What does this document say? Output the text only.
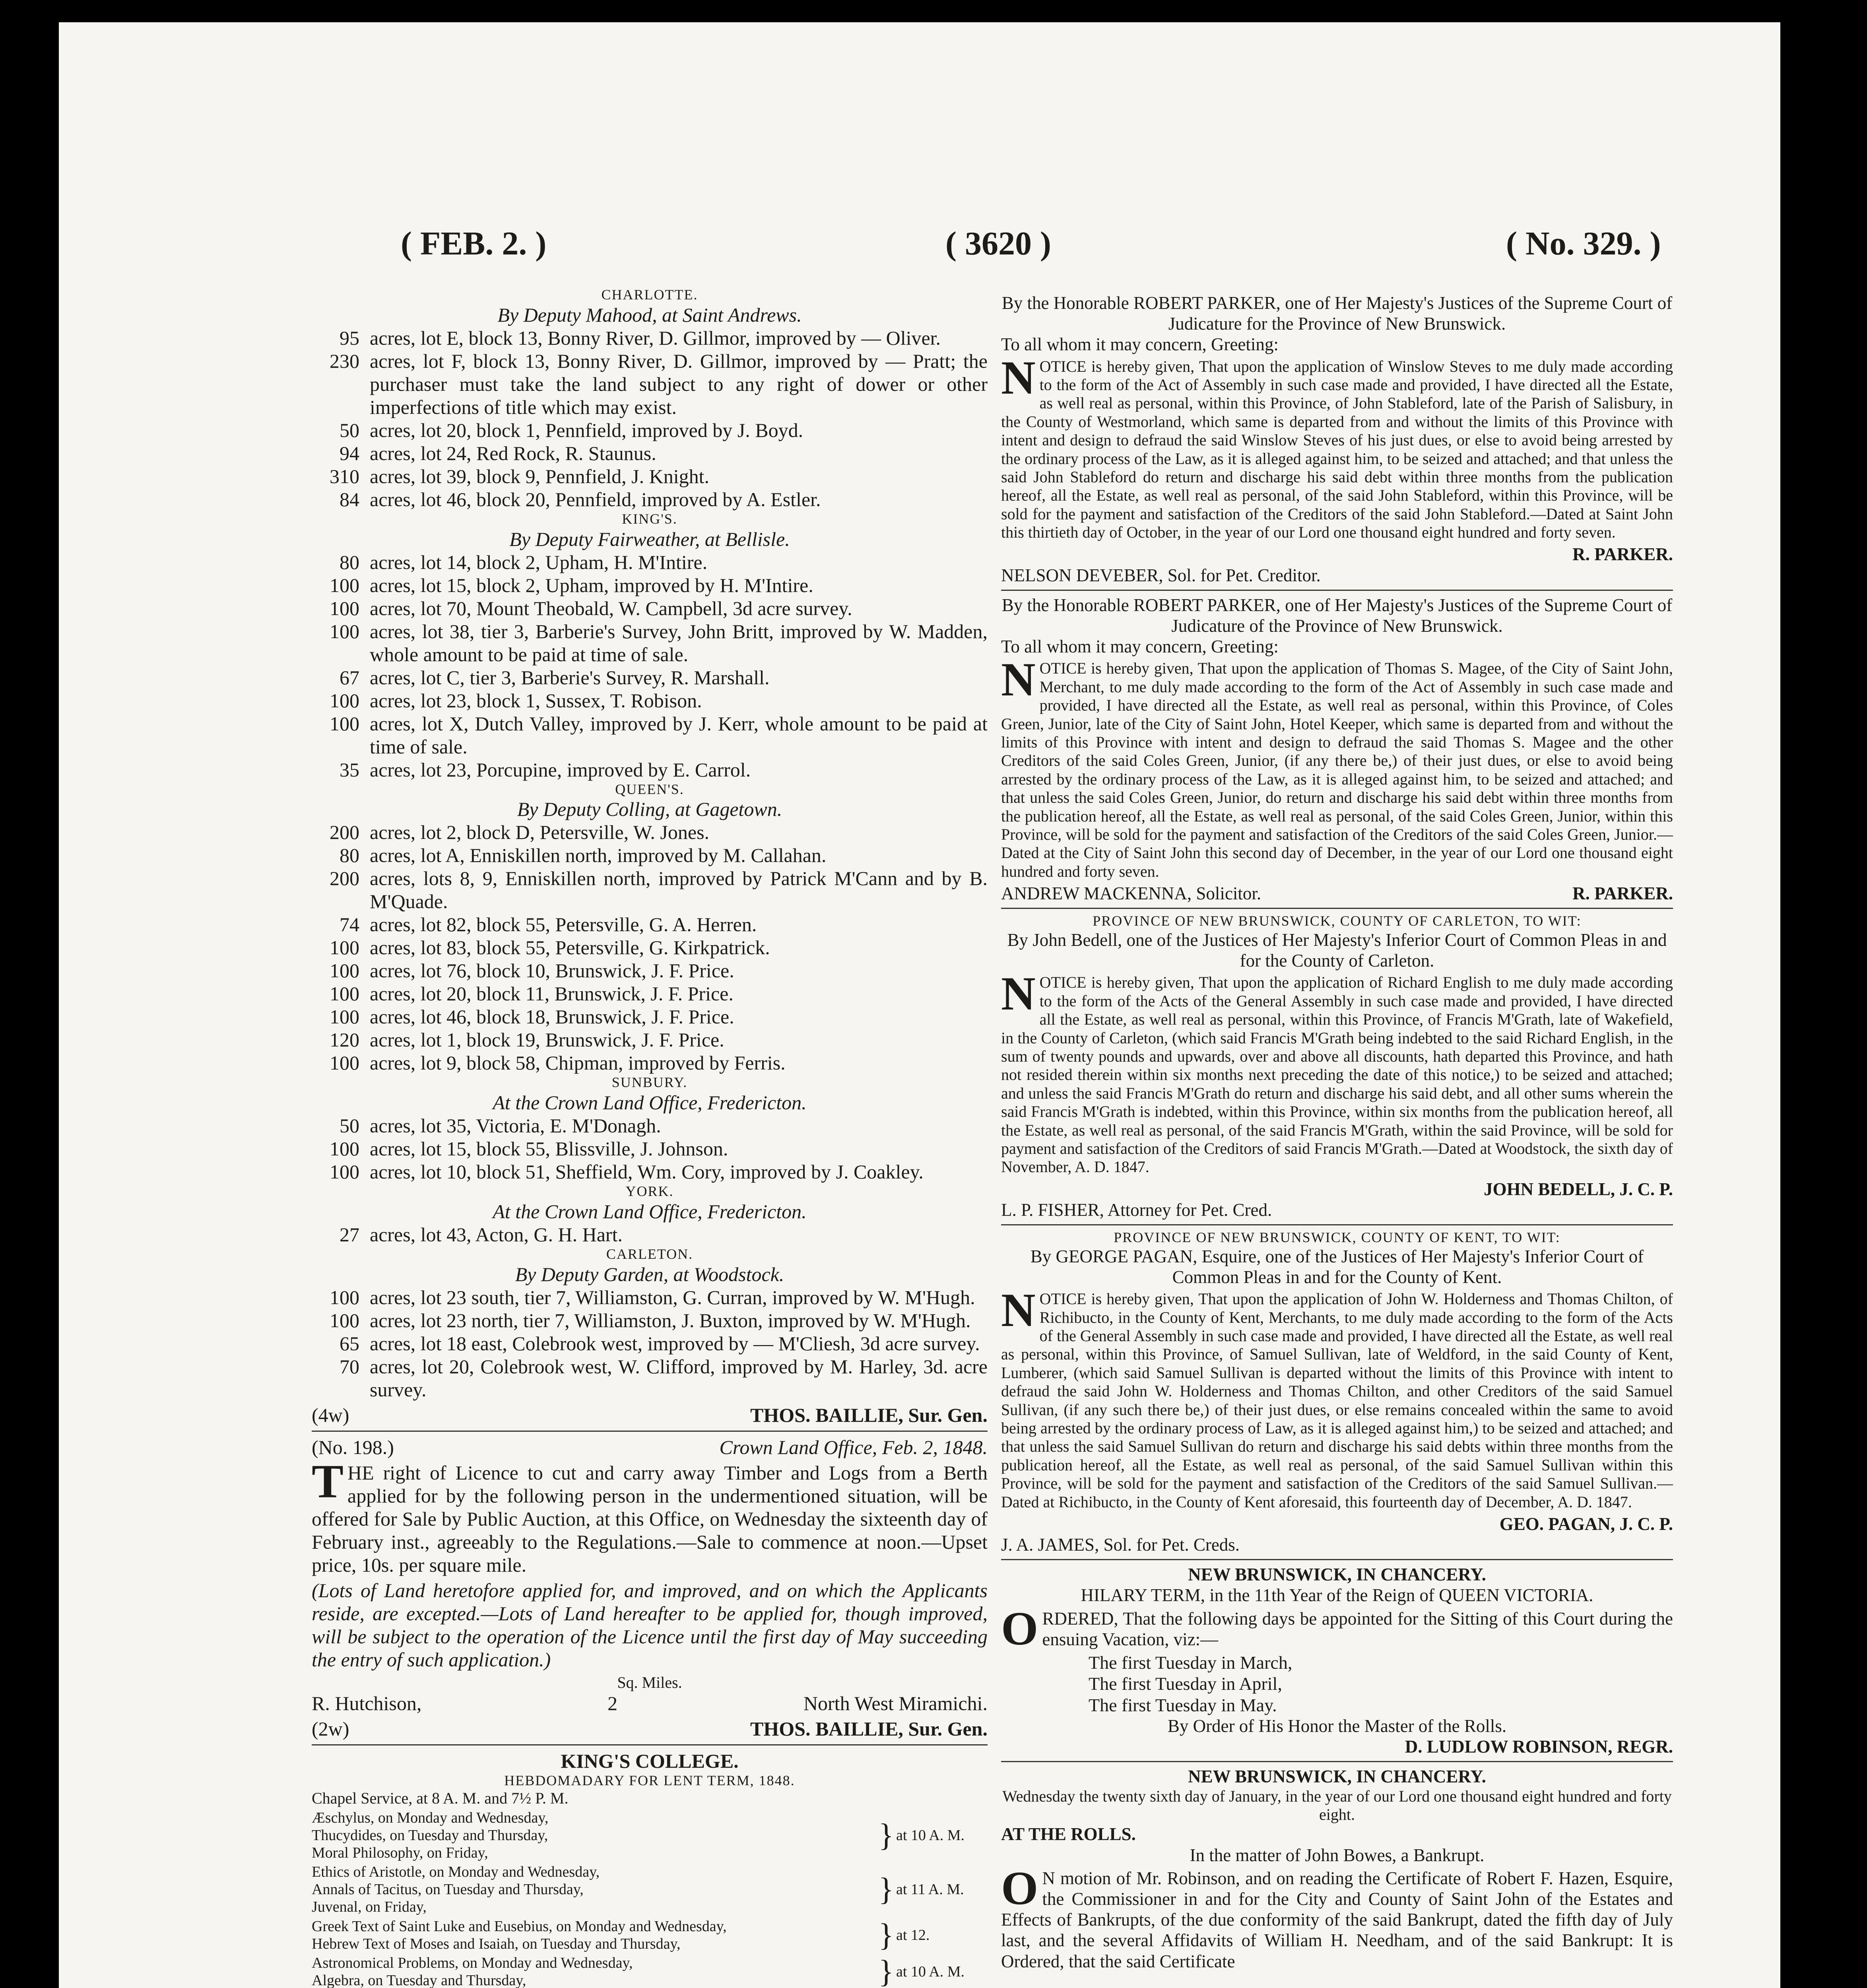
( FEB. 2. )	( 3620 )	( No. 329. )
CHARLOTTE.
By Deputy Mahood, at Saint Andrews.
95 acres, lot E, block 13, Bonny River, D. Gillmor, improved by — Oliver.
230 acres, lot F, block 13, Bonny River, D. Gillmor, improved by — Pratt; the purchaser must take the land subject to any right of dower or other imperfections of title which may exist.
50 acres, lot 20, block 1, Pennfield, improved by J. Boyd.
94 acres, lot 24, Red Rock, R. Staunus.
310 acres, lot 39, block 9, Pennfield, J. Knight.
84 acres, lot 46, block 20, Pennfield, improved by A. Estler.
KING'S.
By Deputy Fairweather, at Bellisle.
80 acres, lot 14, block 2, Upham, H. M'Intire.
100 acres, lot 15, block 2, Upham, improved by H. M'Intire.
100 acres, lot 70, Mount Theobald, W. Campbell, 3d acre survey.
100 acres, lot 38, tier 3, Barberie's Survey, John Britt, improved by W. Madden, whole amount to be paid at time of sale.
67 acres, lot C, tier 3, Barberie's Survey, R. Marshall.
100 acres, lot 23, block 1, Sussex, T. Robison.
100 acres, lot X, Dutch Valley, improved by J. Kerr, whole amount to be paid at time of sale.
35 acres, lot 23, Porcupine, improved by E. Carrol.
QUEEN'S.
By Deputy Colling, at Gagetown.
200 acres, lot 2, block D, Petersville, W. Jones.
80 acres, lot A, Enniskillen north, improved by M. Callahan.
200 acres, lots 8, 9, Enniskillen north, improved by Patrick M'Cann and by B. M'Quade.
74 acres, lot 82, block 55, Petersville, G. A. Herren.
100 acres, lot 83, block 55, Petersville, G. Kirkpatrick.
100 acres, lot 76, block 10, Brunswick, J. F. Price.
100 acres, lot 20, block 11, Brunswick, J. F. Price.
100 acres, lot 46, block 18, Brunswick, J. F. Price.
120 acres, lot 1, block 19, Brunswick, J. F. Price.
100 acres, lot 9, block 58, Chipman, improved by Ferris.
SUNBURY.
At the Crown Land Office, Fredericton.
50 acres, lot 35, Victoria, E. M'Donagh.
100 acres, lot 15, block 55, Blissville, J. Johnson.
100 acres, lot 10, block 51, Sheffield, Wm. Cory, improved by J. Coakley.
YORK.
At the Crown Land Office, Fredericton.
27 acres, lot 43, Acton, G. H. Hart.
CARLETON.
By Deputy Garden, at Woodstock.
100 acres, lot 23 south, tier 7, Williamston, G. Curran, improved by W. M'Hugh.
100 acres, lot 23 north, tier 7, Williamston, J. Buxton, improved by W. M'Hugh.
65 acres, lot 18 east, Colebrook west, improved by — M'Cliesh, 3d acre survey.
70 acres, lot 20, Colebrook west, W. Clifford, improved by M. Harley, 3d. acre survey.
(4w)	THOS. BAILLIE, Sur. Gen.
(No. 198.)	Crown Land Office, Feb. 2, 1848.
THE right of Licence to cut and carry away Timber and Logs from a Berth applied for by the following person in the undermentioned situation, will be offered for Sale by Public Auction, at this Office, on Wednesday the sixteenth day of February inst., agreeably to the Regulations.—Sale to commence at noon.—Upset price, 10s. per square mile.
(Lots of Land heretofore applied for, and improved, and on which the Applicants reside, are excepted.—Lots of Land hereafter to be applied for, though improved, will be subject to the operation of the Licence until the first day of May succeeding the entry of such application.)
Sq. Miles.
R. Hutchison,	2	North West Miramichi.
(2w)	THOS. BAILLIE, Sur. Gen.
KING'S COLLEGE.
HEBDOMADARY FOR LENT TERM, 1848.
Chapel Service, at 8 A. M. and 7½ P. M.
Æschylus, on Monday and Wednesday,
Thucydides, on Tuesday and Thursday,
Moral Philosophy, on Friday,
} at 10 A. M.
Ethics of Aristotle, on Monday and Wednesday,
Annals of Tacitus, on Tuesday and Thursday,
Juvenal, on Friday,
} at 11 A. M.
Greek Text of Saint Luke and Eusebius, on Monday and Wednesday,
Hebrew Text of Moses and Isaiah, on Tuesday and Thursday,	} at 12.
Astronomical Problems, on Monday and Wednesday,
Algebra, on Tuesday and Thursday,	} at 10 A. M.
By the Honorable ROBERT PARKER, one of Her Majesty's Justices of the Supreme Court of Judicature for the Province of New Brunswick.
To all whom it may concern, Greeting:
NOTICE is hereby given, That upon the application of Winslow Steves to me duly made according to the form of the Act of Assembly in such case made and provided, I have directed all the Estate, as well real as personal, within this Province, of John Stableford, late of the Parish of Salisbury, in the County of Westmorland, which same is departed from and without the limits of this Province with intent and design to defraud the said Winslow Steves of his just dues, or else to avoid being arrested by the ordinary process of the Law, as it is alleged against him, to be seized and attached; and that unless the said John Stableford do return and discharge his said debt within three months from the publication hereof, all the Estate, as well real as personal, of the said John Stableford, within this Province, will be sold for the payment and satisfaction of the Creditors of the said John Stableford.—Dated at Saint John this thirtieth day of October, in the year of our Lord one thousand eight hundred and forty seven.
R. PARKER.
NELSON DEVEBER, Sol. for Pet. Creditor.
By the Honorable ROBERT PARKER, one of Her Majesty's Justices of the Supreme Court of Judicature of the Province of New Brunswick.
To all whom it may concern, Greeting:
NOTICE is hereby given, That upon the application of Thomas S. Magee, of the City of Saint John, Merchant, to me duly made according to the form of the Act of Assembly in such case made and provided, I have directed all the Estate, as well real as personal, within this Province, of Coles Green, Junior, late of the City of Saint John, Hotel Keeper, which same is departed from and without the limits of this Province with intent and design to defraud the said Thomas S. Magee and the other Creditors of the said Coles Green, Junior, (if any there be,) of their just dues, or else to avoid being arrested by the ordinary process of the Law, as it is alleged against him, to be seized and attached; and that unless the said Coles Green, Junior, do return and discharge his said debt within three months from the publication hereof, all the Estate, as well real as personal, of the said Coles Green, Junior, within this Province, will be sold for the payment and satisfaction of the Creditors of the said Coles Green, Junior.—Dated at the City of Saint John this second day of December, in the year of our Lord one thousand eight hundred and forty seven.
ANDREW MACKENNA, Solicitor.	R. PARKER.
PROVINCE OF NEW BRUNSWICK, COUNTY OF CARLETON, TO WIT:
By John Bedell, one of the Justices of Her Majesty's Inferior Court of Common Pleas in and for the County of Carleton.
NOTICE is hereby given, That upon the application of Richard English to me duly made according to the form of the Acts of the General Assembly in such case made and provided, I have directed all the Estate, as well real as personal, within this Province, of Francis M'Grath, late of Wakefield, in the County of Carleton, (which said Francis M'Grath being indebted to the said Richard English, in the sum of twenty pounds and upwards, over and above all discounts, hath departed this Province, and hath not resided therein within six months next preceding the date of this notice,) to be seized and attached; and unless the said Francis M'Grath do return and discharge his said debt, and all other sums wherein the said Francis M'Grath is indebted, within this Province, within six months from the publication hereof, all the Estate, as well real as personal, of the said Francis M'Grath, within the said Province, will be sold for payment and satisfaction of the Creditors of said Francis M'Grath.—Dated at Woodstock, the sixth day of November, A. D. 1847.
JOHN BEDELL, J. C. P.
L. P. FISHER, Attorney for Pet. Cred.
PROVINCE OF NEW BRUNSWICK, COUNTY OF KENT, TO WIT:
By GEORGE PAGAN, Esquire, one of the Justices of Her Majesty's Inferior Court of Common Pleas in and for the County of Kent.
NOTICE is hereby given, That upon the application of John W. Holderness and Thomas Chilton, of Richibucto, in the County of Kent, Merchants, to me duly made according to the form of the Acts of the General Assembly in such case made and provided, I have directed all the Estate, as well real as personal, within this Province, of Samuel Sullivan, late of Weldford, in the said County of Kent, Lumberer, (which said Samuel Sullivan is departed without the limits of this Province with intent to defraud the said John W. Holderness and Thomas Chilton, and other Creditors of the said Samuel Sullivan, (if any such there be,) of their just dues, or else remains concealed within the same to avoid being arrested by the ordinary process of Law, as it is alleged against him,) to be seized and attached; and that unless the said Samuel Sullivan do return and discharge his said debts within three months from the publication hereof, all the Estate, as well real as personal, of the said Samuel Sullivan within this Province, will be sold for the payment and satisfaction of the Creditors of the said Samuel Sullivan.—Dated at Richibucto, in the County of Kent aforesaid, this fourteenth day of December, A. D. 1847.
GEO. PAGAN, J. C. P.
J. A. JAMES, Sol. for Pet. Creds.
NEW BRUNSWICK, IN CHANCERY.
HILARY TERM, in the 11th Year of the Reign of QUEEN VICTORIA.
ORDERED, That the following days be appointed for the Sitting of this Court during the ensuing Vacation, viz:—
The first Tuesday in March,
The first Tuesday in April,
The first Tuesday in May.
By Order of His Honor the Master of the Rolls.
D. LUDLOW ROBINSON, REGR.
NEW BRUNSWICK, IN CHANCERY.
Wednesday the twenty sixth day of January, in the year of our Lord one thousand eight hundred and forty eight.
AT THE ROLLS.
In the matter of John Bowes, a Bankrupt.
O N motion of Mr. Robinson, and on reading the Certificate of Robert F. Hazen, Esquire, the Commissioner in and for the City and County of Saint John of the Estates and Effects of Bankrupts, of the due conformity of the said Bankrupt, dated the fifth day of July last, and the several Affidavits of William H. Needham, and of the said Bankrupt: It is Ordered, that the said Certificate
